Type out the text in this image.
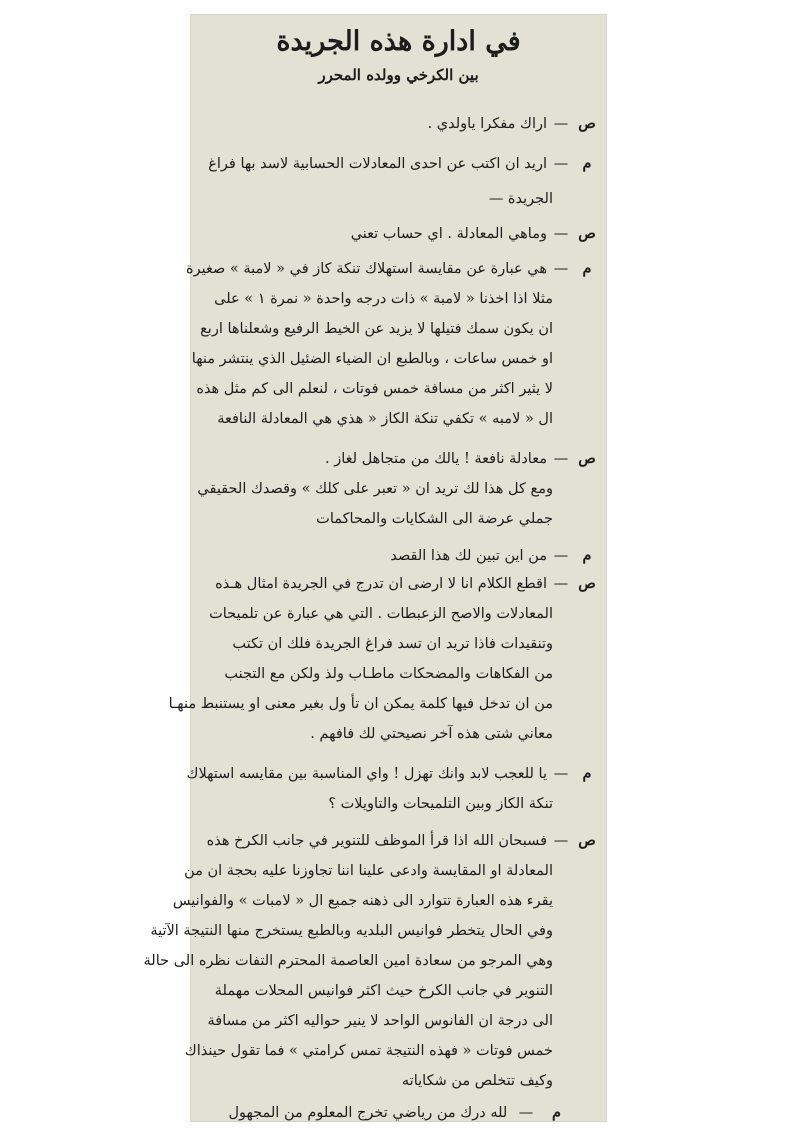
في ادارة هذه الجريدة
بين الكرخي وولده المحرر
ص—اراك مفكرا ياولدي .
م—اريد ان اكتب عن احدى المعادلات الحسابية لاسد بها فراغ
الجريدة —
ص—وماهي المعادلة . اي حساب تعني
م—هي عبارة عن مقايسة استهلاك تنكة كاز في « لامبة » صغيرة
مثلا اذا اخذنا « لامبة » ذات درجه واحدة « نمرة ١ » على
ان يكون سمك فتيلها لا يزيد عن الخيط الرفيع وشعلناها اربع
او خمس ساعات ، وبالطبع ان الضياء الضئيل الذي ينتشر منها
لا يثير اكثر من مسافة خمس فوتات ، لنعلم الى كم مثل هذه
ال « لامبه » تكفي تنكة الكاز « هذي هي المعادلة النافعة
ص—معادلة نافعة ! يالك من متجاهل لغاز .
ومع كل هذا لك تريد ان « تعبر على كلك » وقصدك الحقيقي
جملي عرضة الى الشكايات والمحاكمات
م—من اين تبين لك هذا القصد
ص—اقطع الكلام انا لا ارضى ان تدرج في الجريدة امثال هـذه
المعادلات والاصح الزعبطات . التي هي عبارة عن تلميحات
وتنقيدات فاذا تريد ان تسد فراغ الجريدة فلك ان تكتب
من الفكاهات والمضحكات ماطـاب ولذ ولكن مع التجنب
من ان تدخل فيها كلمة يمكن ان تأ ول بغير معنى او يستنبط منهـا
معاني شتى هذه آخر نصيحتي لك فافهم .
م—يا للعجب لابد وانك تهزل ! واي المناسبة بين مقايسه استهلاك
تنكة الكاز وبين التلميحات والتاويلات ؟
ص—فسبحان الله اذا قرأ الموظف للتنوير في جانب الكرخ هذه
المعادلة او المقايسة وادعى علينا اننا تجاوزنا عليه بحجة ان من
يقرء هذه العبارة تتوارد الى ذهنه جميع ال « لامبات » والفوانيس
وفي الحال يتخطر فوانيس البلديه وبالطبع يستخرج منها النتيجة الآتية
وهي المرجو من سعادة امين العاصمة المحترم التفات نظره الى حالة
التنوير في جانب الكرخ حيث اكثر فوانيس المحلات مهملة
الى درجة ان الفانوس الواحد لا ينير حواليه اكثر من مسافة
خمس فوتات « فهذه النتيجة تمس كرامتي » فما تقول حينذاك
وكيف تتخلص من شكاياته
م — لله درك من رياضي تخرج المعلوم من المجهول
